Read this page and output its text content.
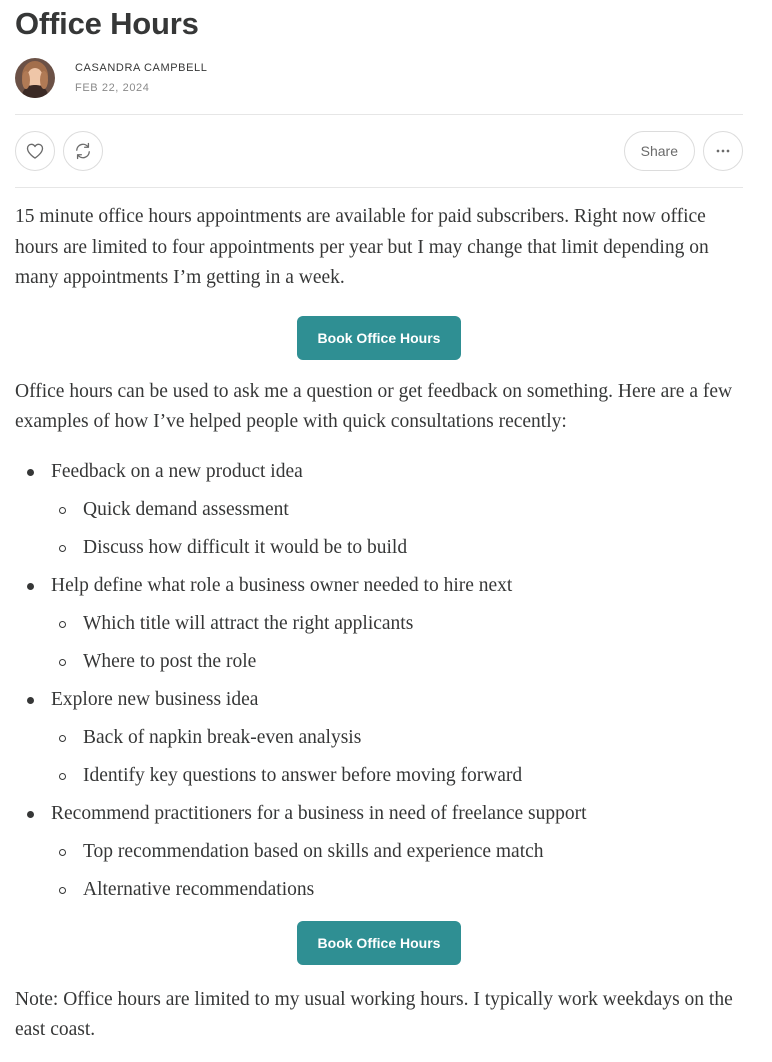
Office Hours
CASANDRA CAMPBELL
FEB 22, 2024
Share

15 minute office hours appointments are available for paid subscribers. Right now office hours are limited to four appointments per year but I may change that limit depending on many appointments I’m getting in a week.

Book Office Hours

Office hours can be used to ask me a question or get feedback on something. Here are a few examples of how I’ve helped people with quick consultations recently:

Feedback on a new product idea
Quick demand assessment
Discuss how difficult it would be to build
Help define what role a business owner needed to hire next
Which title will attract the right applicants
Where to post the role
Explore new business idea
Back of napkin break-even analysis
Identify key questions to answer before moving forward
Recommend practitioners for a business in need of freelance support
Top recommendation based on skills and experience match
Alternative recommendations
Book Office Hours

Note: Office hours are limited to my usual working hours. I typically work weekdays on the east coast.
